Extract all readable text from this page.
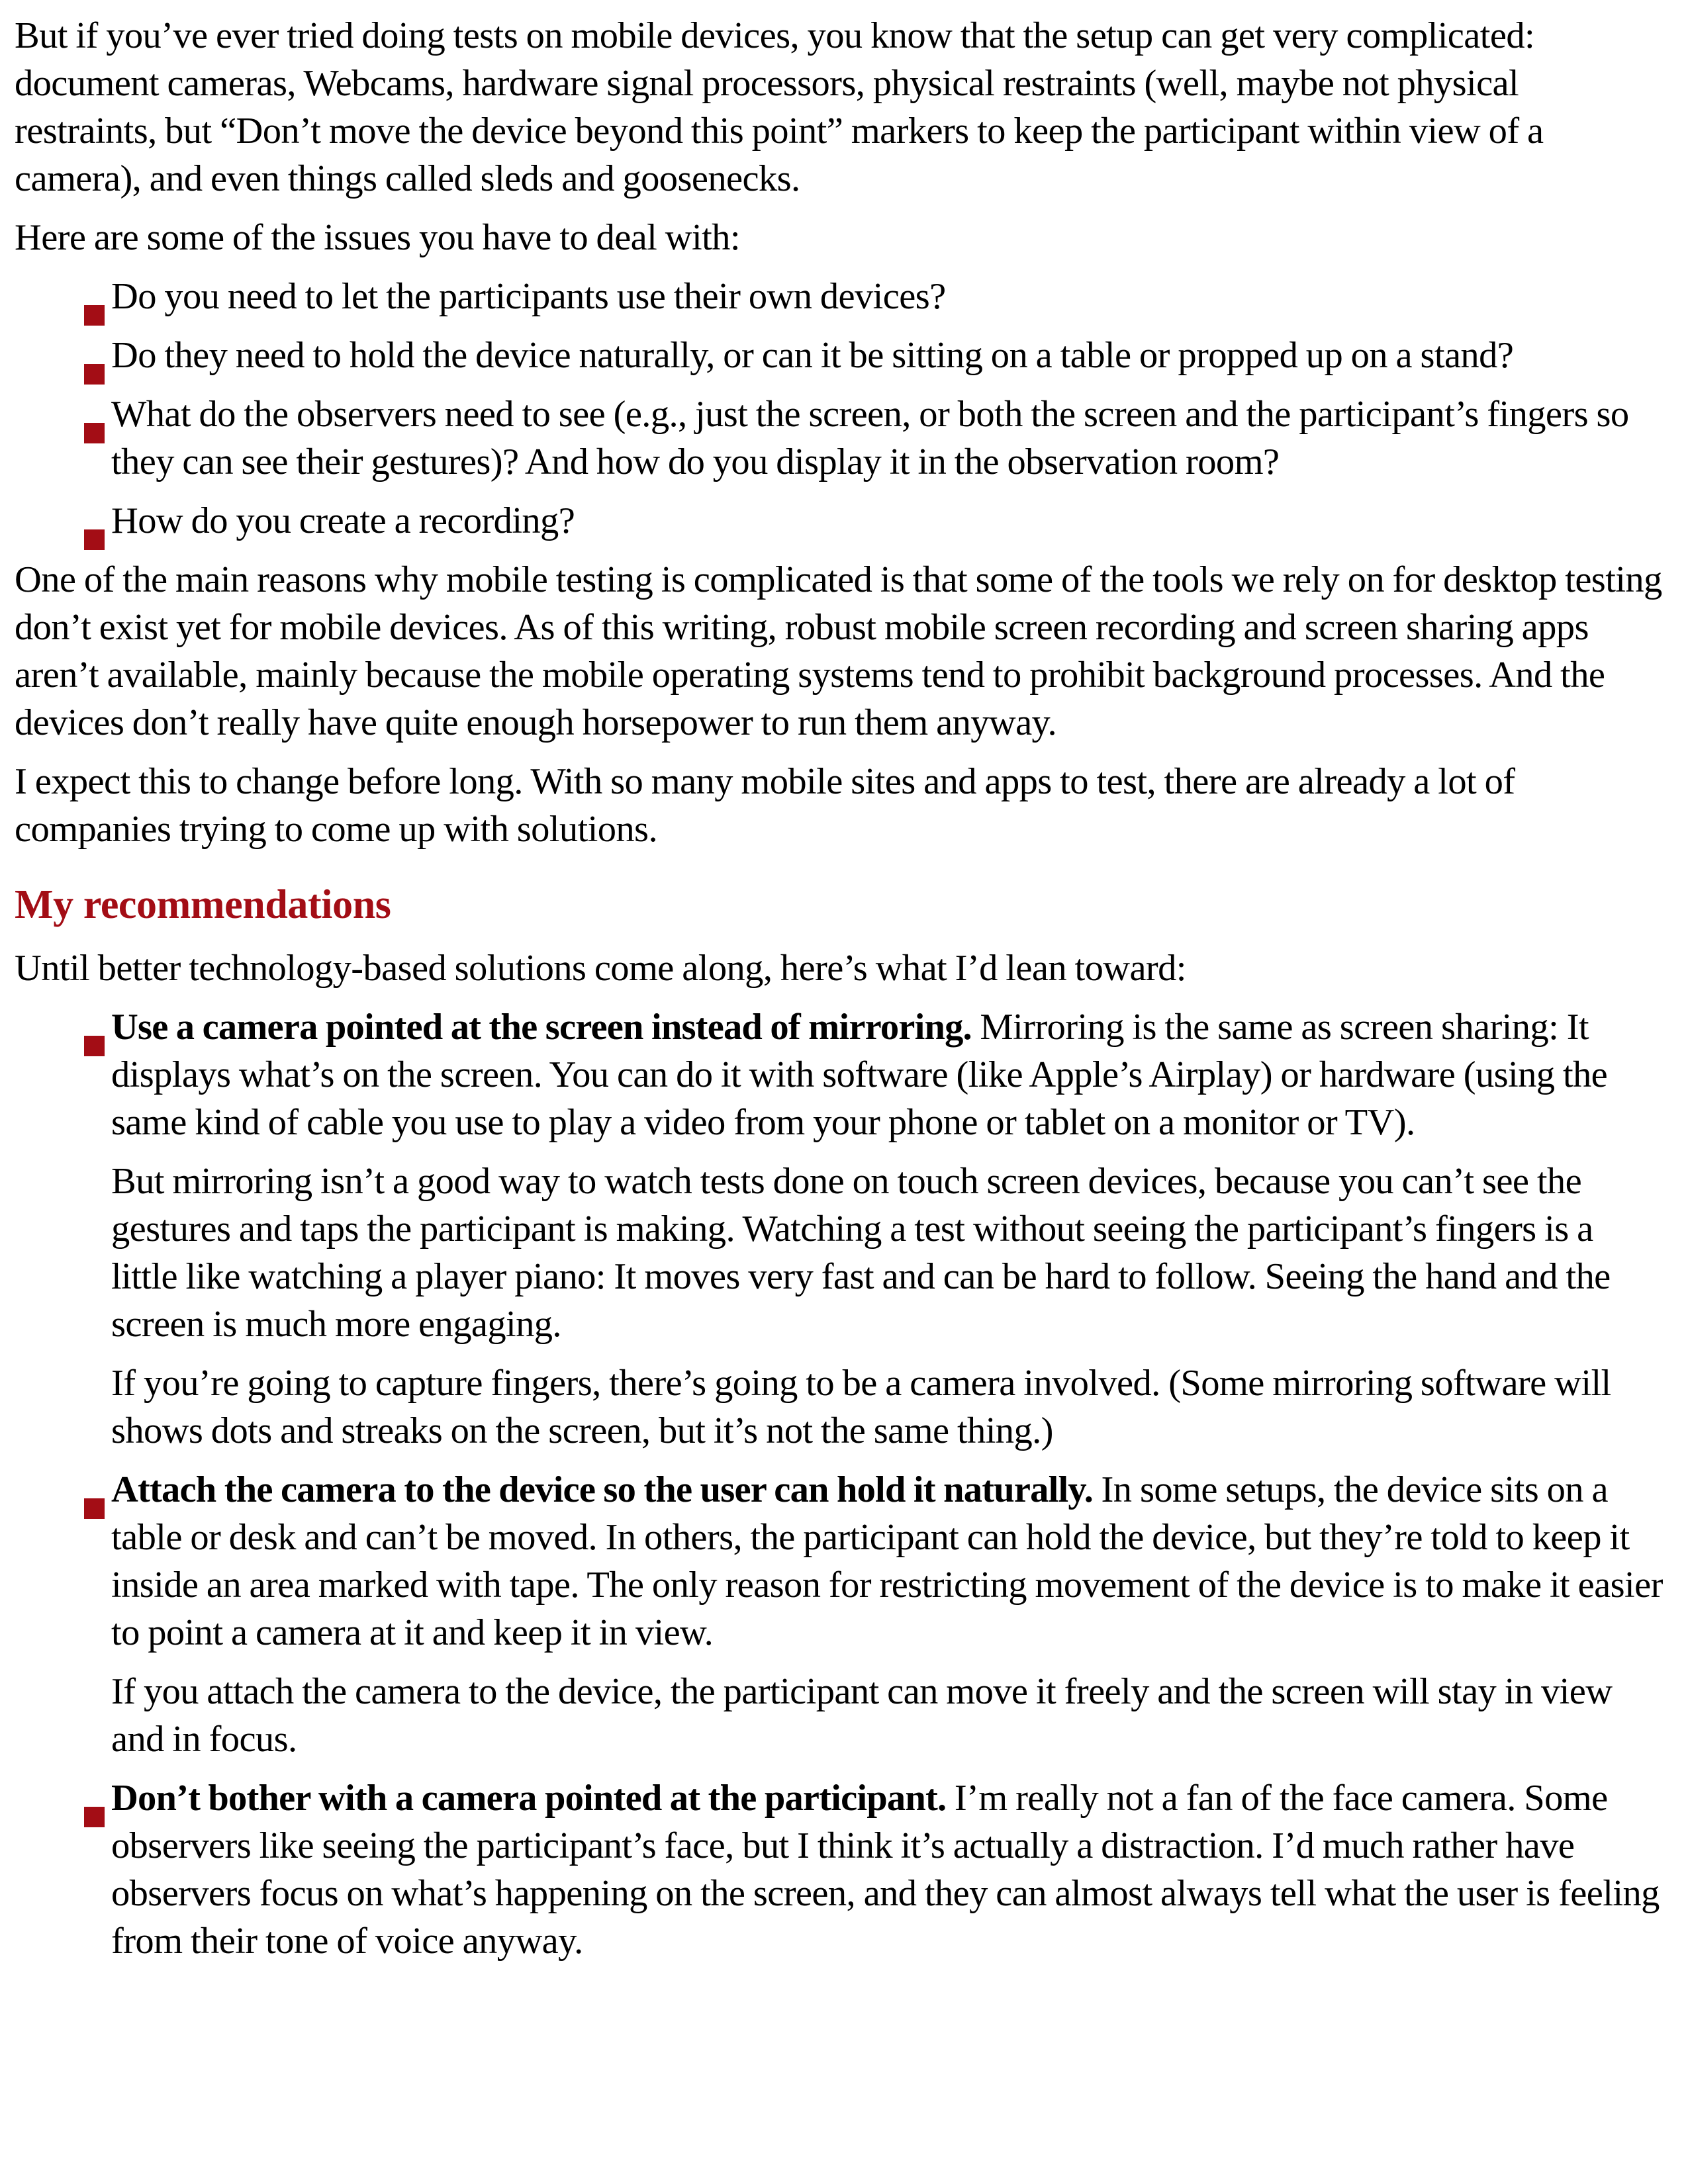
But if you’ve ever tried doing tests on mobile devices, you know that the setup can get very complicated: document cameras, Webcams, hardware signal processors, physical restraints (well, maybe not physical restraints, but “Don’t move the device beyond this point” markers to keep the participant within view of a camera), and even things called sleds and goosenecks.

Here are some of the issues you have to deal with:

Do you need to let the participants use their own devices?

Do they need to hold the device naturally, or can it be sitting on a table or propped up on a stand?

What do the observers need to see (e.g., just the screen, or both the screen and the participant’s fingers so they can see their gestures)? And how do you display it in the observation room?

How do you create a recording?

One of the main reasons why mobile testing is complicated is that some of the tools we rely on for desktop testing don’t exist yet for mobile devices. As of this writing, robust mobile screen recording and screen sharing apps aren’t available, mainly because the mobile operating systems tend to prohibit background processes. And the devices don’t really have quite enough horsepower to run them anyway.

I expect this to change before long. With so many mobile sites and apps to test, there are already a lot of companies trying to come up with solutions.

My recommendations

Until better technology-based solutions come along, here’s what I’d lean toward:

Use a camera pointed at the screen instead of mirroring. Mirroring is the same as screen sharing: It displays what’s on the screen. You can do it with software (like Apple’s Airplay) or hardware (using the same kind of cable you use to play a video from your phone or tablet on a monitor or TV).

But mirroring isn’t a good way to watch tests done on touch screen devices, because you can’t see the gestures and taps the participant is making. Watching a test without seeing the participant’s fingers is a little like watching a player piano: It moves very fast and can be hard to follow. Seeing the hand and the screen is much more engaging.

If you’re going to capture fingers, there’s going to be a camera involved. (Some mirroring software will shows dots and streaks on the screen, but it’s not the same thing.)

Attach the camera to the device so the user can hold it naturally. In some setups, the device sits on a table or desk and can’t be moved. In others, the participant can hold the device, but they’re told to keep it inside an area marked with tape. The only reason for restricting movement of the device is to make it easier to point a camera at it and keep it in view.

If you attach the camera to the device, the participant can move it freely and the screen will stay in view and in focus.

Don’t bother with a camera pointed at the participant. I’m really not a fan of the face camera. Some observers like seeing the participant’s face, but I think it’s actually a distraction. I’d much rather have observers focus on what’s happening on the screen, and they can almost always tell what the user is feeling from their tone of voice anyway.
